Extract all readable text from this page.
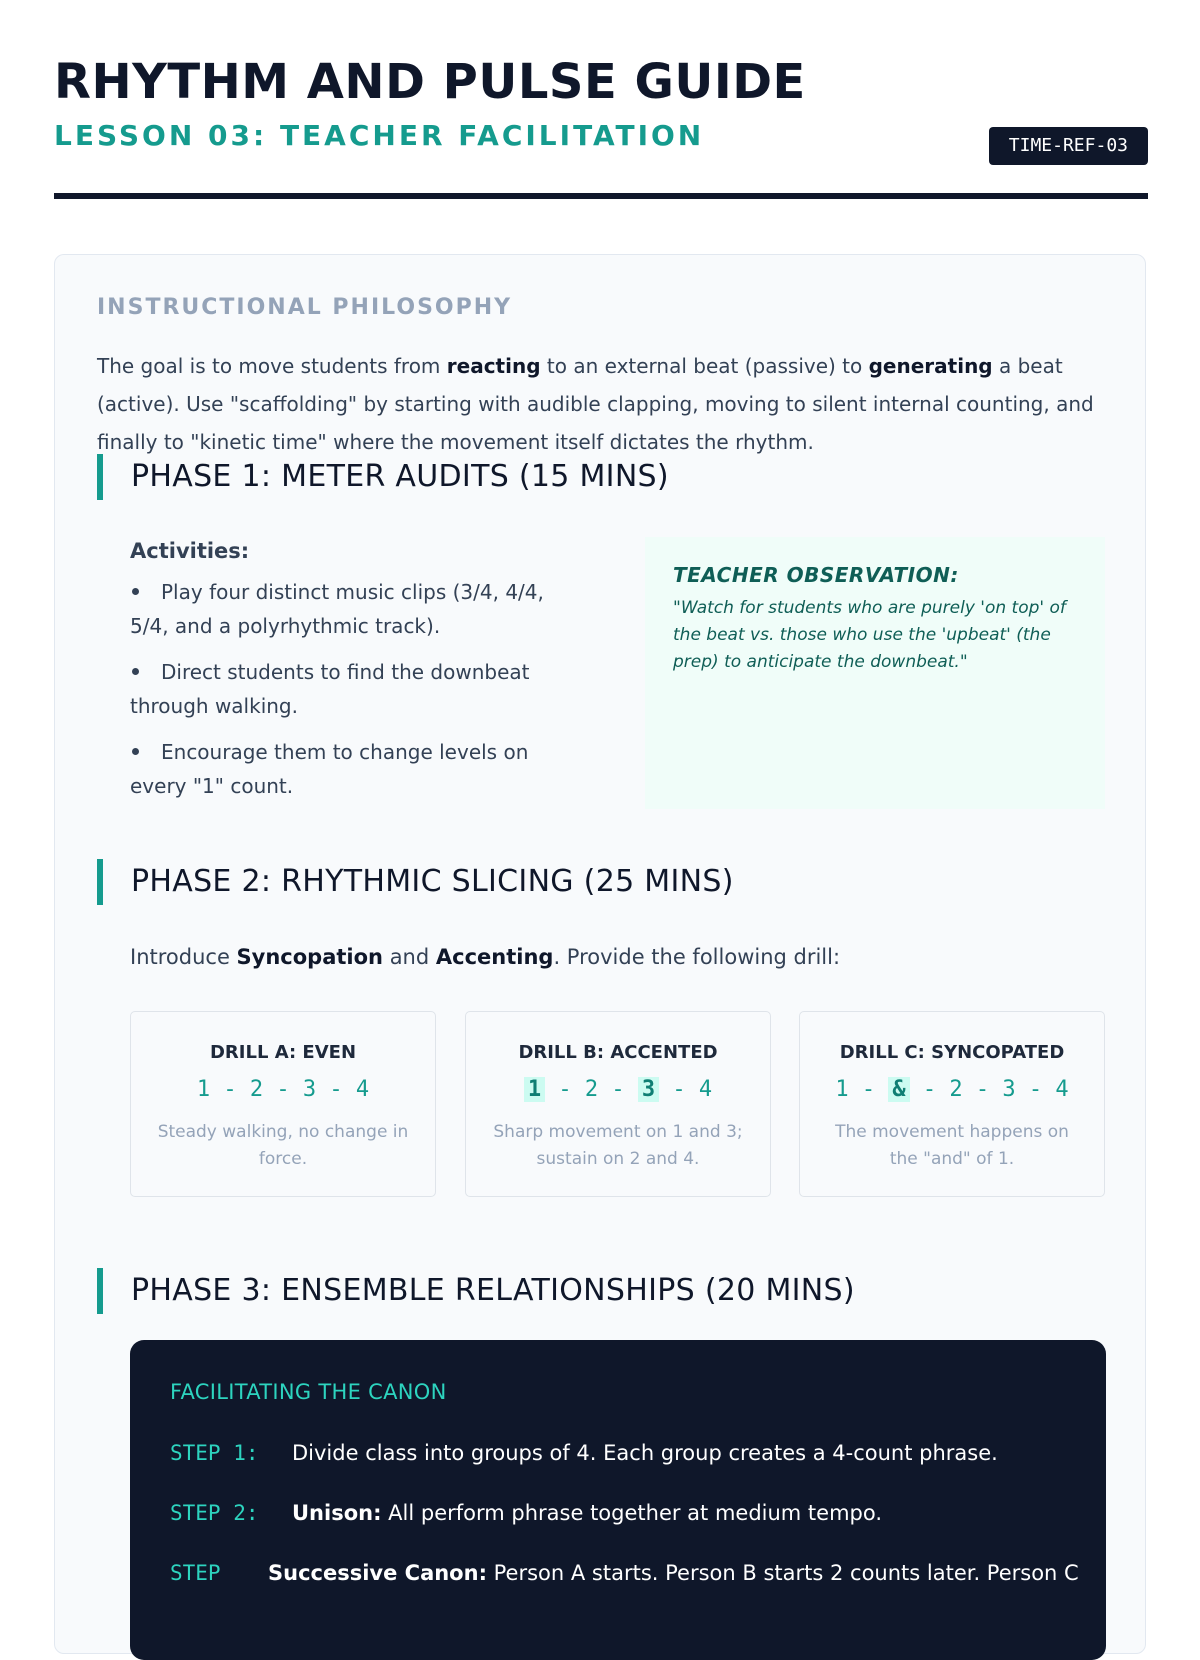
RHYTHM AND PULSE GUIDE
LESSON 03: TEACHER FACILITATION	TIME-REF-03
INSTRUCTIONAL PHILOSOPHY
The goal is to move students from reacting to an external beat (passive) to generating a beat (active). Use "scaffolding" by starting with audible clapping, moving to silent internal counting, and finally to "kinetic time" where the movement itself dictates the rhythm.
PHASE 1: METER AUDITS (15 MINS)
Activities:
Play four distinct music clips (3/4, 4/4, 5/4, and a polyrhythmic track).
Direct students to find the downbeat through walking.
Encourage them to change levels on every "1" count.
TEACHER OBSERVATION:
"Watch for students who are purely 'on top' of the beat vs. those who use the 'upbeat' (the prep) to anticipate the downbeat."
PHASE 2: RHYTHMIC SLICING (25 MINS)
Introduce Syncopation and Accenting. Provide the following drill:
DRILL A: EVEN
1 - 2 - 3 - 4
Steady walking, no change in force.
DRILL B: ACCENTED
1 - 2 - 3 - 4
Sharp movement on 1 and 3; sustain on 2 and 4.
DRILL C: SYNCOPATED
1 - & - 2 - 3 - 4
The movement happens on the "and" of 1.
PHASE 3: ENSEMBLE RELATIONSHIPS (20 MINS)
FACILITATING THE CANON
STEP 1: Divide class into groups of 4. Each group creates a 4-count phrase.
STEP 2: Unison: All perform phrase together at medium tempo.
STEP Successive Canon: Person A starts. Person B starts 2 counts later. Person C
